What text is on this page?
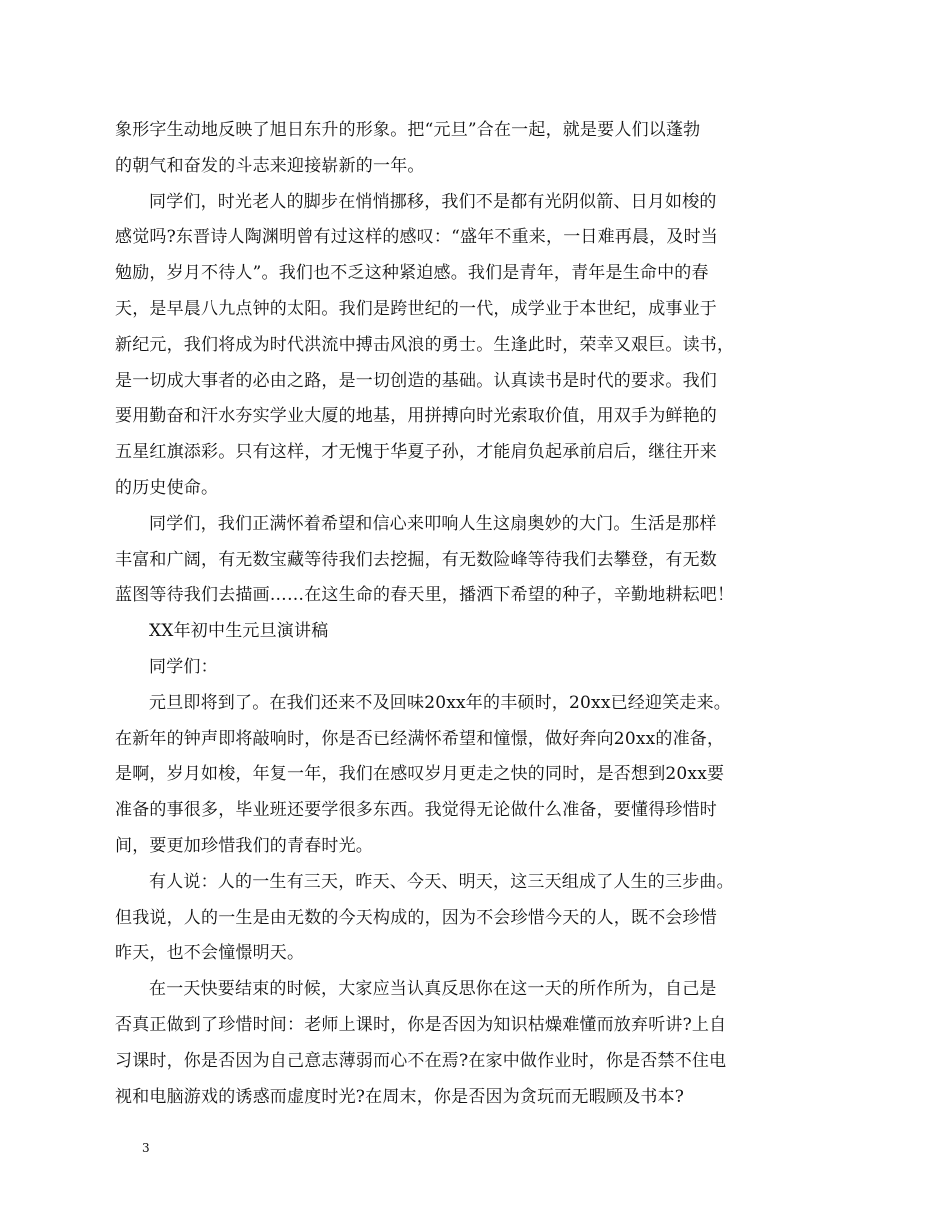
象形字生动地反映了旭日东升的形象。把“元旦”合在一起，就是要人们以蓬勃
的朝气和奋发的斗志来迎接崭新的一年。
同学们，时光老人的脚步在悄悄挪移，我们不是都有光阴似箭、日月如梭的
感觉吗?东晋诗人陶渊明曾有过这样的感叹：“盛年不重来，一日难再晨，及时当
勉励，岁月不待人”。我们也不乏这种紧迫感。我们是青年，青年是生命中的春
天，是早晨八九点钟的太阳。我们是跨世纪的一代，成学业于本世纪，成事业于
新纪元，我们将成为时代洪流中搏击风浪的勇士。生逢此时，荣幸又艰巨。读书，
是一切成大事者的必由之路，是一切创造的基础。认真读书是时代的要求。我们
要用勤奋和汗水夯实学业大厦的地基，用拼搏向时光索取价值，用双手为鲜艳的
五星红旗添彩。只有这样，才无愧于华夏子孙，才能肩负起承前启后，继往开来
的历史使命。
同学们，我们正满怀着希望和信心来叩响人生这扇奥妙的大门。生活是那样
丰富和广阔，有无数宝藏等待我们去挖掘，有无数险峰等待我们去攀登，有无数
蓝图等待我们去描画……在这生命的春天里，播洒下希望的种子，辛勤地耕耘吧！
XX年初中生元旦演讲稿
同学们：
元旦即将到了。在我们还来不及回味20xx年的丰硕时，20xx已经迎笑走来。
在新年的钟声即将敲响时，你是否已经满怀希望和憧憬，做好奔向20xx的准备，
是啊，岁月如梭，年复一年，我们在感叹岁月更走之快的同时，是否想到20xx要
准备的事很多，毕业班还要学很多东西。我觉得无论做什么准备，要懂得珍惜时
间，要更加珍惜我们的青春时光。
有人说：人的一生有三天，昨天、今天、明天，这三天组成了人生的三步曲。
但我说，人的一生是由无数的今天构成的，因为不会珍惜今天的人，既不会珍惜
昨天，也不会憧憬明天。
在一天快要结束的时候，大家应当认真反思你在这一天的所作所为，自己是
否真正做到了珍惜时间：老师上课时，你是否因为知识枯燥难懂而放弃听讲?上自
习课时，你是否因为自己意志薄弱而心不在焉?在家中做作业时，你是否禁不住电
视和电脑游戏的诱惑而虚度时光?在周末，你是否因为贪玩而无暇顾及书本?
3
